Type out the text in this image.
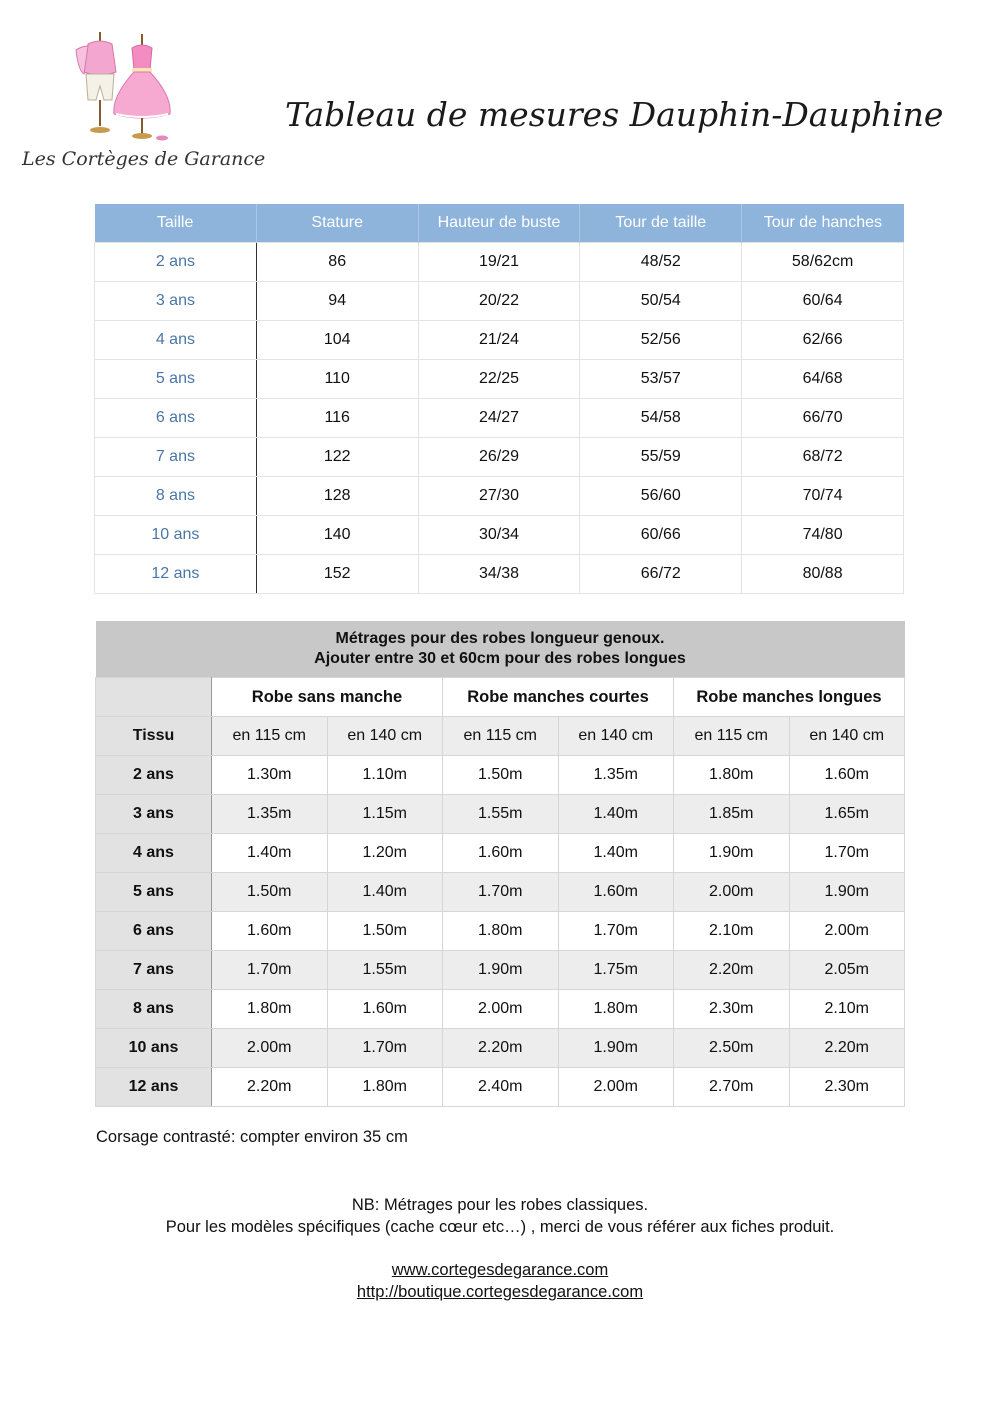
Les Cortèges de Garance
Tableau de mesures Dauphin-Dauphine
Taille	Stature	Hauteur de buste	Tour de taille	Tour de hanches
2 ans	86	19/21	48/52	58/62cm
3 ans	94	20/22	50/54	60/64
4 ans	104	21/24	52/56	62/66
5 ans	110	22/25	53/57	64/68
6 ans	116	24/27	54/58	66/70
7 ans	122	26/29	55/59	68/72
8 ans	128	27/30	56/60	70/74
10 ans	140	30/34	60/66	74/80
12 ans	152	34/38	66/72	80/88
Métrages pour des robes longueur genoux.
Ajouter entre 30 et 60cm pour des robes longues						

	Robe sans manche		Robe manches courtes		Robe manches longues	
Tissu	en 115 cm	en 140 cm	en 115 cm	en 140 cm	en 115 cm	en 140 cm
2 ans	1.30m	1.10m	1.50m	1.35m	1.80m	1.60m
3 ans	1.35m	1.15m	1.55m	1.40m	1.85m	1.65m
4 ans	1.40m	1.20m	1.60m	1.40m	1.90m	1.70m
5 ans	1.50m	1.40m	1.70m	1.60m	2.00m	1.90m
6 ans	1.60m	1.50m	1.80m	1.70m	2.10m	2.00m
7 ans	1.70m	1.55m	1.90m	1.75m	2.20m	2.05m
8 ans	1.80m	1.60m	2.00m	1.80m	2.30m	2.10m
10 ans	2.00m	1.70m	2.20m	1.90m	2.50m	2.20m
12 ans	2.20m	1.80m	2.40m	2.00m	2.70m	2.30m
Corsage contrasté: compter environ 35 cm
NB: Métrages pour les robes classiques.
Pour les modèles spécifiques (cache cœur etc…) , merci de vous référer aux fiches produit.
www.cortegesdegarance.com
http://boutique.cortegesdegarance.com
